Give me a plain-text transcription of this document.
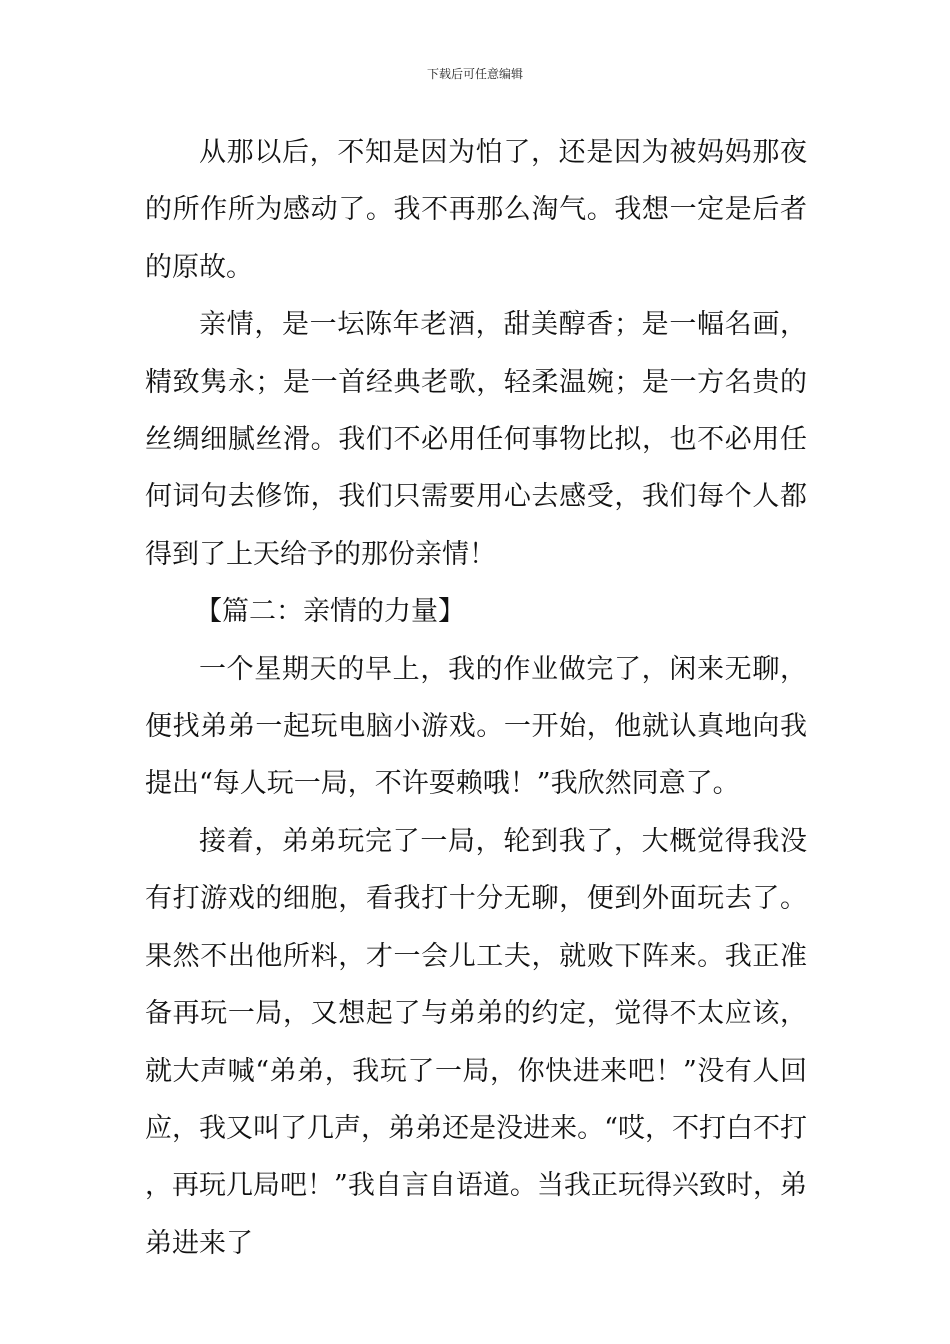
下载后可任意编辑

从那以后，不知是因为怕了，还是因为被妈妈那夜的所作所为感动了。我不再那么淘气。我想一定是后者的原故。

亲情，是一坛陈年老酒，甜美醇香；是一幅名画，精致隽永；是一首经典老歌，轻柔温婉；是一方名贵的丝绸细腻丝滑。我们不必用任何事物比拟，也不必用任何词句去修饰，我们只需要用心去感受，我们每个人都得到了上天给予的那份亲情！

【篇二：亲情的力量】

一个星期天的早上，我的作业做完了，闲来无聊，便找弟弟一起玩电脑小游戏。一开始，他就认真地向我提出“每人玩一局，不许耍赖哦！”我欣然同意了。

接着，弟弟玩完了一局，轮到我了，大概觉得我没有打游戏的细胞，看我打十分无聊，便到外面玩去了。果然不出他所料，才一会儿工夫，就败下阵来。我正准备再玩一局，又想起了与弟弟的约定，觉得不太应该，就大声喊“弟弟，我玩了一局，你快进来吧！”没有人回应，我又叫了几声，弟弟还是没进来。“哎，不打白不打，再玩几局吧！”我自言自语道。当我正玩得兴致时，弟弟进来了
